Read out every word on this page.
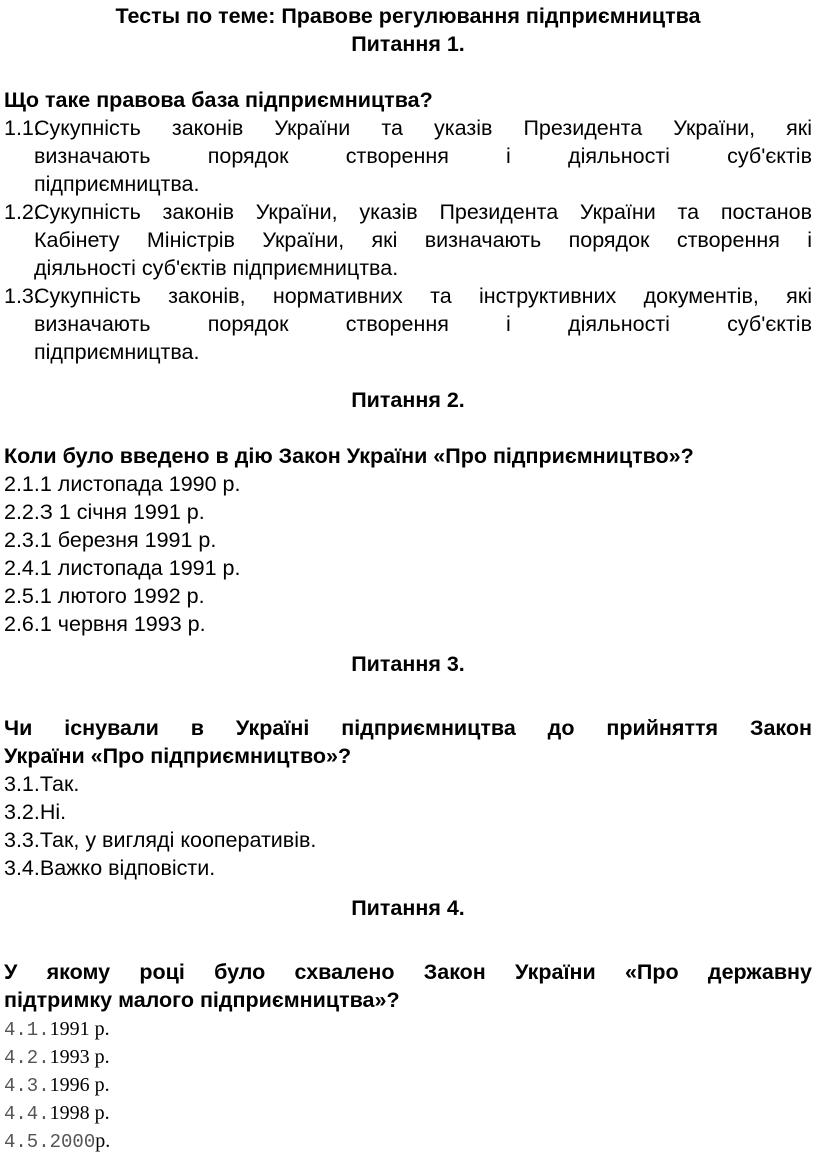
Тесты по теме: Правове регулювання підприємництва
Питання 1.
Що таке правова база підприємництва?
1.1.
Сукупність законів України та указів Президента України, які
визначають порядок створення і діяльності суб'єктів
підприємництва.
1.2.
Сукупність законів України, указів Президента України та постанов
Кабінету Міністрів України, які визначають порядок створення і
діяльності суб'єктів підприємництва.
1.3.
Сукупність законів, нормативних та інструктивних документів, які
визначають порядок створення і діяльності суб'єктів
підприємництва.
Питання 2.
Коли було введено в дію Закон України «Про підприємництво»?
2.1.1 листопада 1990 р.
2.2.З 1 січня 1991 р.
2.3.1 березня 1991 р.
2.4.1 листопада 1991 р.
2.5.1 лютого 1992 р.
2.6.1 червня 1993 р.
Питання 3.
Чи існували в Україні підприємництва до прийняття Закон
України «Про підприємництво»?
3.1.Так.
3.2.Ні.
3.3.Так, у вигляді кооперативів.
3.4.Важко відповісти.
Питання 4.
У якому році було схвалено Закон України «Про державну
підтримку малого підприємництва»?
4.1.1991 р.
4.2.1993 р.
4.3.1996 р.
4.4.1998 р.
4.5.2000р.
